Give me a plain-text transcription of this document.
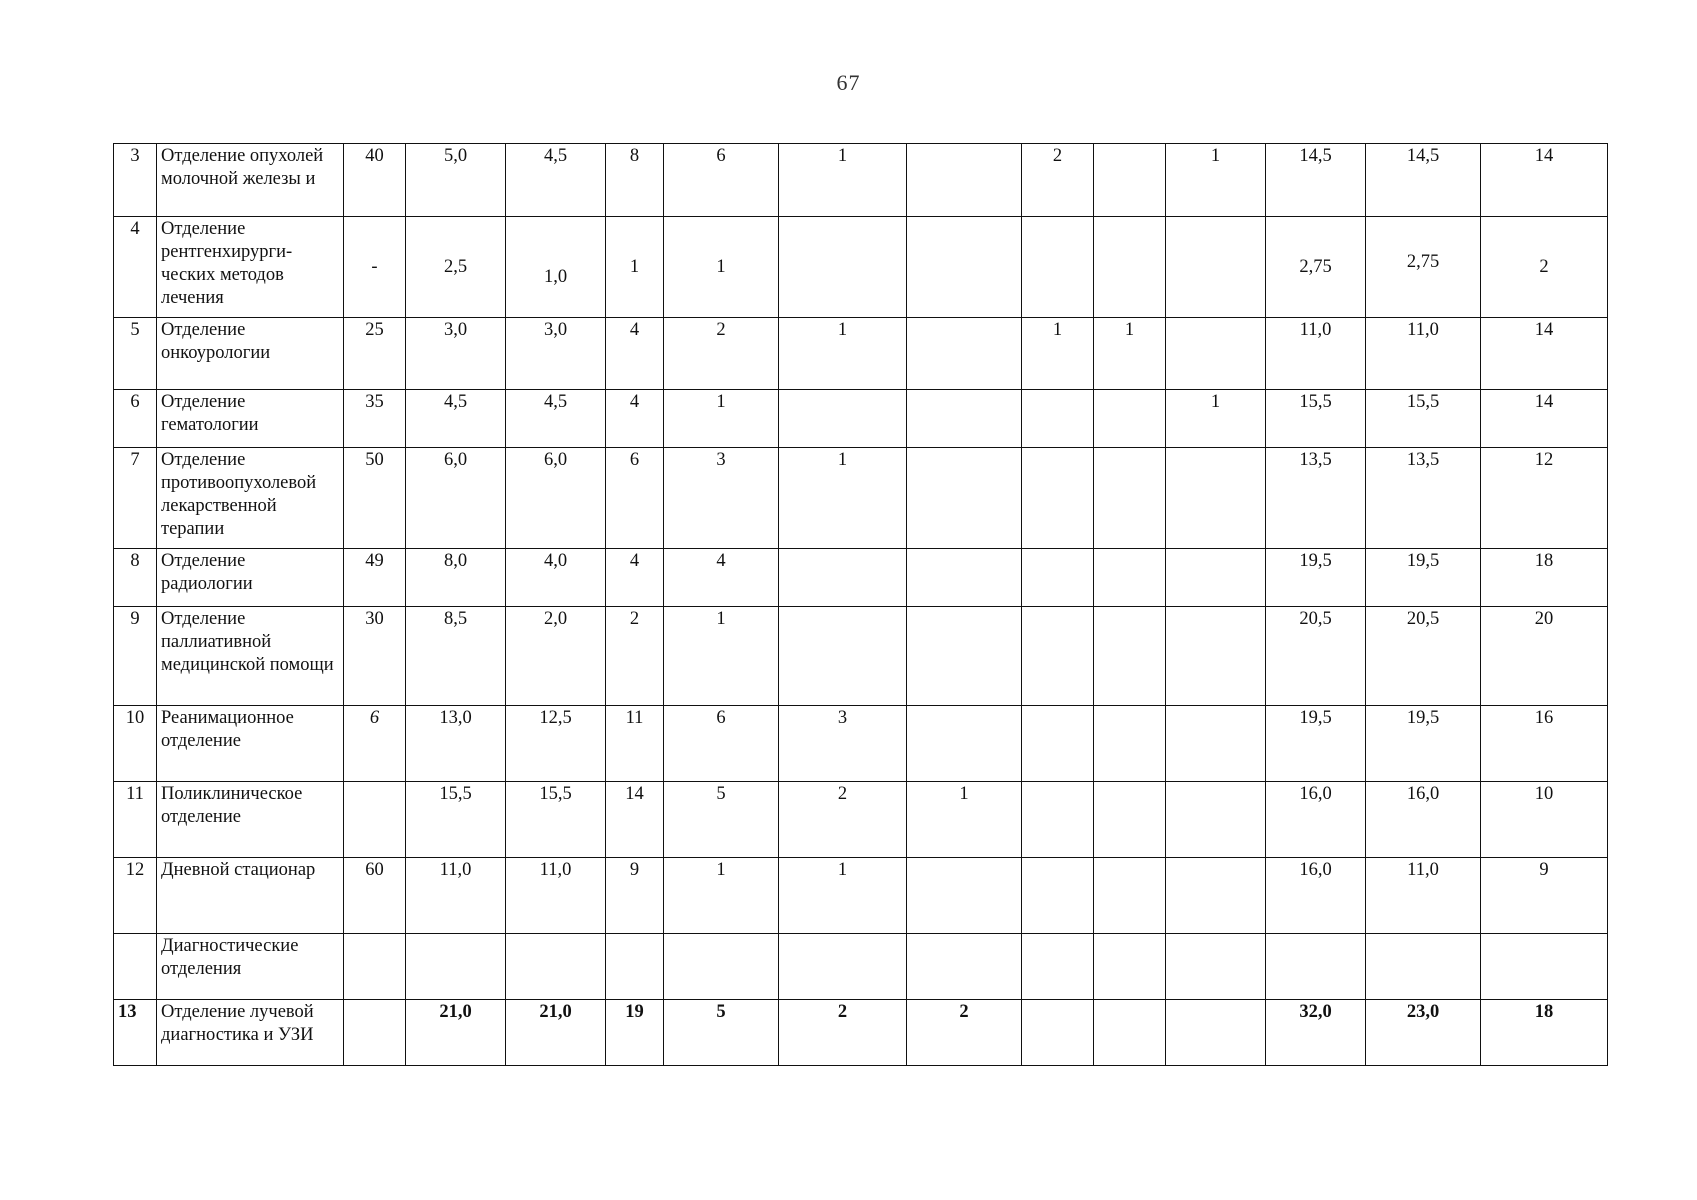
67
3	Отделение опухолей молочной железы и	40	5,0	4,5	8	6	1		2		1	14,5	14,5	14
4	Отделение рентгенхирурги-ческих методов лечения	-	2,5	1,0	1	1						2,75	2,75	2
5	Отделение онкоурологии	25	3,0	3,0	4	2	1		1	1		11,0	11,0	14
6	Отделение гематологии	35	4,5	4,5	4	1					1	15,5	15,5	14
7	Отделение противоопухолевой лекарственной терапии	50	6,0	6,0	6	3	1					13,5	13,5	12
8	Отделение радиологии	49	8,0	4,0	4	4						19,5	19,5	18
9	Отделение паллиативной медицинской помощи	30	8,5	2,0	2	1						20,5	20,5	20
10	Реанимационное отделение	6	13,0	12,5	11	6	3					19,5	19,5	16
11	Поликлиническое отделение		15,5	15,5	14	5	2	1				16,0	16,0	10
12	Дневной стационар	60	11,0	11,0	9	1	1					16,0	11,0	9
	Диагностические отделения													
13	Отделение лучевой диагностика и УЗИ		21,0	21,0	19	5	2	2				32,0	23,0	18
